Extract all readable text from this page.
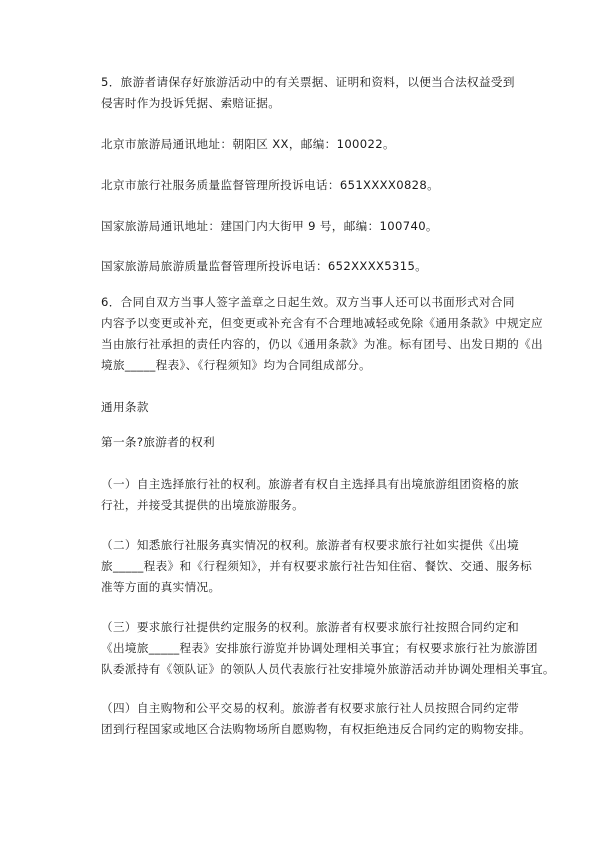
5．旅游者请保存好旅游活动中的有关票据、证明和资料，以便当合法权益受到
侵害时作为投诉凭据、索赔证据。

北京市旅游局通讯地址：朝阳区 XX，邮编：100022。

北京市旅行社服务质量监督管理所投诉电话：651XXXX0828。

国家旅游局通讯地址：建国门内大街甲 9 号，邮编：100740。

国家旅游局旅游质量监督管理所投诉电话：652XXXX5315。

6．合同自双方当事人签字盖章之日起生效。双方当事人还可以书面形式对合同
内容予以变更或补充，但变更或补充含有不合理地减轻或免除《通用条款》中规定应
当由旅行社承担的责任内容的，仍以《通用条款》为准。标有团号、出发日期的《出
境旅_____程表》、《行程须知》均为合同组成部分。

通用条款

第一条?旅游者的权利

（一）自主选择旅行社的权利。旅游者有权自主选择具有出境旅游组团资格的旅
行社，并接受其提供的出境旅游服务。

（二）知悉旅行社服务真实情况的权利。旅游者有权要求旅行社如实提供《出境
旅_____程表》和《行程须知》，并有权要求旅行社告知住宿、餐饮、交通、服务标
准等方面的真实情况。

（三）要求旅行社提供约定服务的权利。旅游者有权要求旅行社按照合同约定和
《出境旅_____程表》安排旅行游览并协调处理相关事宜；有权要求旅行社为旅游团
队委派持有《领队证》的领队人员代表旅行社安排境外旅游活动并协调处理相关事宜。

（四）自主购物和公平交易的权利。旅游者有权要求旅行社人员按照合同约定带
团到行程国家或地区合法购物场所自愿购物，有权拒绝违反合同约定的购物安排。
